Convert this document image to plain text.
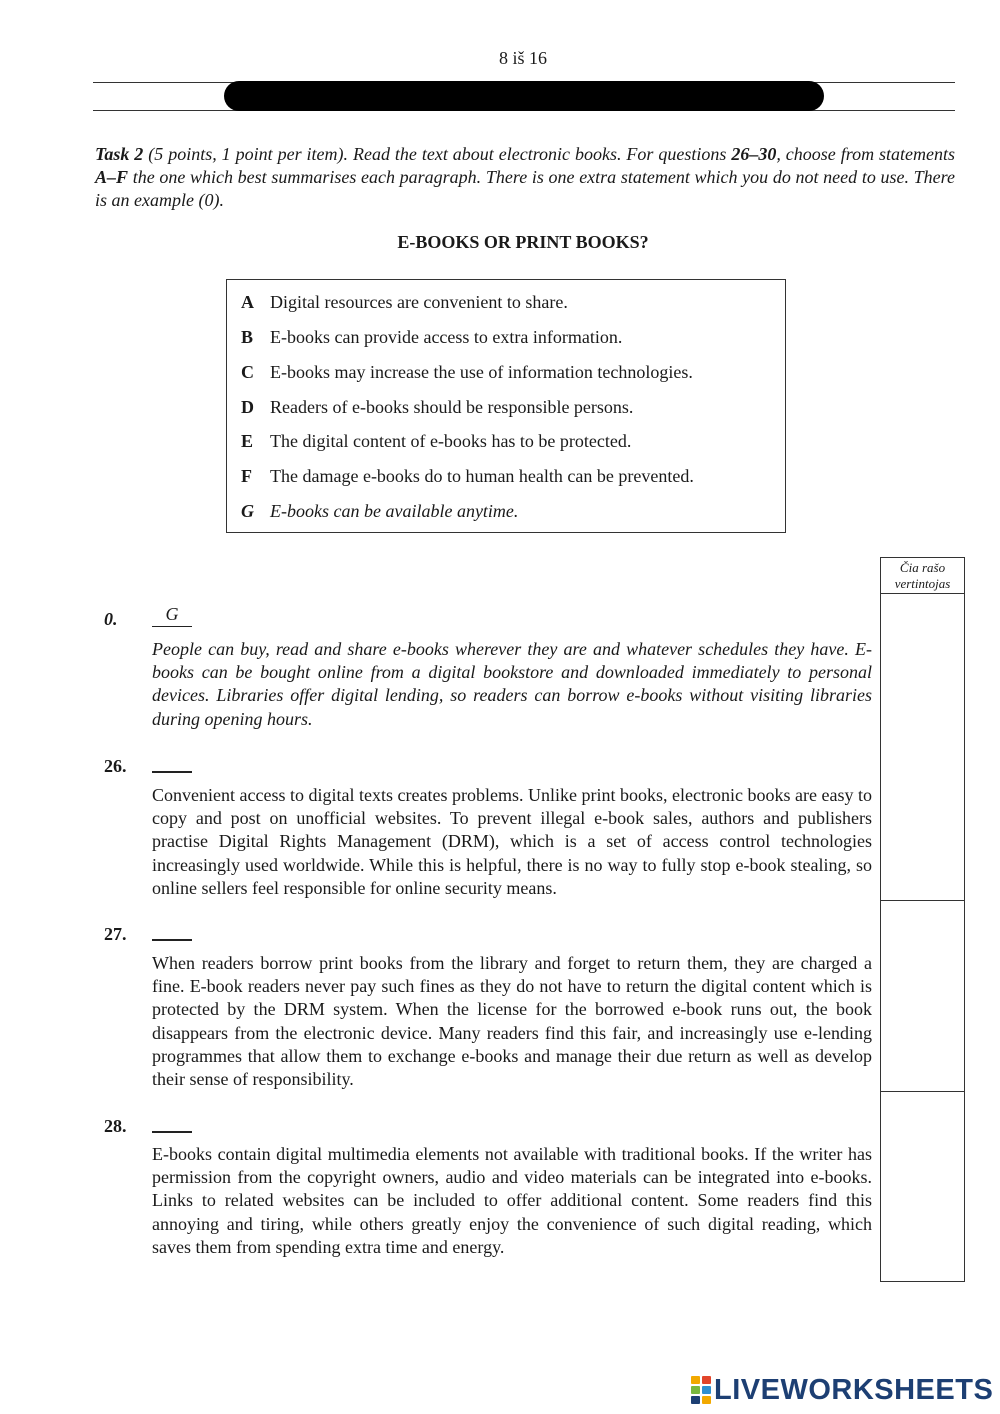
8 iš 16
Task 2 (5 points, 1 point per item). Read the text about electronic books. For questions 26–30, choose from statements A–F the one which best summarises each paragraph. There is one extra statement which you do not need to use. There is an example (0).
E-BOOKS OR PRINT BOOKS?
A Digital resources are convenient to share.
B E-books can provide access to extra information.
C E-books may increase the use of information technologies.
D Readers of e-books should be responsible persons.
E The digital content of e-books has to be protected.
F	The damage e-books do to human health can be prevented.
G E-books can be available anytime.
Čia rašo
vertintojas
0.	G
People can buy, read and share e-books wherever they are and whatever schedules they have. E-books can be bought online from a digital bookstore and downloaded immediately to personal devices. Libraries offer digital lending, so readers can borrow e-books without visiting libraries during opening hours.
26.
Convenient access to digital texts creates problems. Unlike print books, electronic books are easy to copy and post on unofficial websites. To prevent illegal e-book sales, authors and publishers practise Digital Rights Management (DRM), which is a set of access control technologies increasingly used worldwide. While this is helpful, there is no way to fully stop e-book stealing, so online sellers feel responsible for online security means.
27.
When readers borrow print books from the library and forget to return them, they are charged a fine. E-book readers never pay such fines as they do not have to return the digital content which is protected by the DRM system. When the license for the borrowed e-book runs out, the book disappears from the electronic device. Many readers find this fair, and increasingly use e-lending programmes that allow them to exchange e-books and manage their due return as well as develop their sense of responsibility.
28.
E-books contain digital multimedia elements not available with traditional books. If the writer has permission from the copyright owners, audio and video materials can be integrated into e-books. Links to related websites can be included to offer additional content. Some readers find this annoying and tiring, while others greatly enjoy the convenience of such digital reading, which saves them from spending extra time and energy.
LIVEWORKSHEETS
